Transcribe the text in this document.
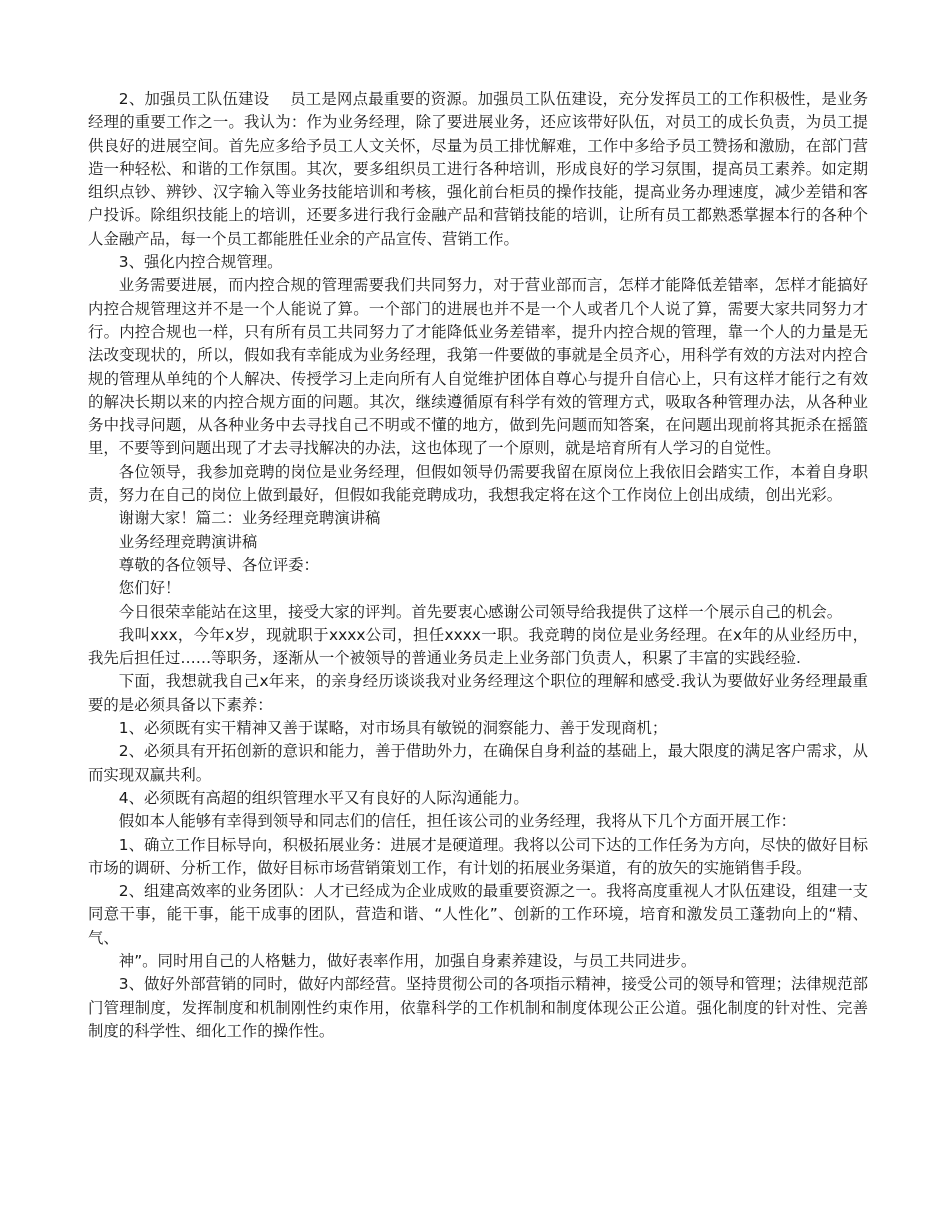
2、加强员工队伍建设　 员工是网点最重要的资源。加强员工队伍建设，充分发挥员工的工作积极性，是业务经理的重要工作之一。我认为：作为业务经理，除了要进展业务，还应该带好队伍，对员工的成长负责，为员工提供良好的进展空间。首先应多给予员工人文关怀，尽量为员工排忧解难，工作中多给予员工赞扬和激励，在部门营造一种轻松、和谐的工作氛围。其次，要多组织员工进行各种培训，形成良好的学习氛围，提高员工素养。如定期组织点钞、辨钞、汉字输入等业务技能培训和考核，强化前台柜员的操作技能，提高业务办理速度，减少差错和客户投诉。除组织技能上的培训，还要多进行我行金融产品和营销技能的培训，让所有员工都熟悉掌握本行的各种个人金融产品，每一个员工都能胜任业余的产品宣传、营销工作。

3、强化内控合规管理。

业务需要进展，而内控合规的管理需要我们共同努力，对于营业部而言，怎样才能降低差错率，怎样才能搞好内控合规管理这并不是一个人能说了算。一个部门的进展也并不是一个人或者几个人说了算，需要大家共同努力才行。内控合规也一样，只有所有员工共同努力了才能降低业务差错率，提升内控合规的管理，靠一个人的力量是无法改变现状的，所以，假如我有幸能成为业务经理，我第一件要做的事就是全员齐心，用科学有效的方法对内控合规的管理从单纯的个人解决、传授学习上走向所有人自觉维护团体自尊心与提升自信心上，只有这样才能行之有效的解决长期以来的内控合规方面的问题。其次，继续遵循原有科学有效的管理方式，吸取各种管理办法，从各种业务中找寻问题，从各种业务中去寻找自己不明或不懂的地方，做到先问题而知答案，在问题出现前将其扼杀在摇篮里，不要等到问题出现了才去寻找解决的办法，这也体现了一个原则，就是培育所有人学习的自觉性。

各位领导，我参加竞聘的岗位是业务经理，但假如领导仍需要我留在原岗位上我依旧会踏实工作，本着自身职责，努力在自己的岗位上做到最好，但假如我能竞聘成功，我想我定将在这个工作岗位上创出成绩，创出光彩。

谢谢大家！篇二：业务经理竞聘演讲稿

业务经理竞聘演讲稿

尊敬的各位领导、各位评委：

您们好！

今日很荣幸能站在这里，接受大家的评判。首先要衷心感谢公司领导给我提供了这样一个展示自己的机会。

我叫xxx，今年x岁，现就职于xxxx公司，担任xxxx一职。我竞聘的岗位是业务经理。在x年的从业经历中，我先后担任过……等职务，逐渐从一个被领导的普通业务员走上业务部门负责人，积累了丰富的实践经验.

下面，我想就我自己x年来，的亲身经历谈谈我对业务经理这个职位的理解和感受.我认为要做好业务经理最重要的是必须具备以下素养：

1、必须既有实干精神又善于谋略，对市场具有敏锐的洞察能力、善于发现商机；

2、必须具有开拓创新的意识和能力，善于借助外力，在确保自身利益的基础上，最大限度的满足客户需求，从而实现双赢共利。

4、必须既有高超的组织管理水平又有良好的人际沟通能力。

假如本人能够有幸得到领导和同志们的信任，担任该公司的业务经理，我将从下几个方面开展工作：

1、确立工作目标导向，积极拓展业务：进展才是硬道理。我将以公司下达的工作任务为方向，尽快的做好目标市场的调研、分析工作，做好目标市场营销策划工作，有计划的拓展业务渠道，有的放矢的实施销售手段。

2、组建高效率的业务团队：人才已经成为企业成败的最重要资源之一。我将高度重视人才队伍建设，组建一支同意干事，能干事，能干成事的团队，营造和谐、“人性化”、创新的工作环境，培育和激发员工蓬勃向上的“精、气、

神”。同时用自己的人格魅力，做好表率作用，加强自身素养建设，与员工共同进步。

3、做好外部营销的同时，做好内部经营。坚持贯彻公司的各项指示精神，接受公司的领导和管理；法律规范部门管理制度，发挥制度和机制刚性约束作用，依靠科学的工作机制和制度体现公正公道。强化制度的针对性、完善制度的科学性、细化工作的操作性。
